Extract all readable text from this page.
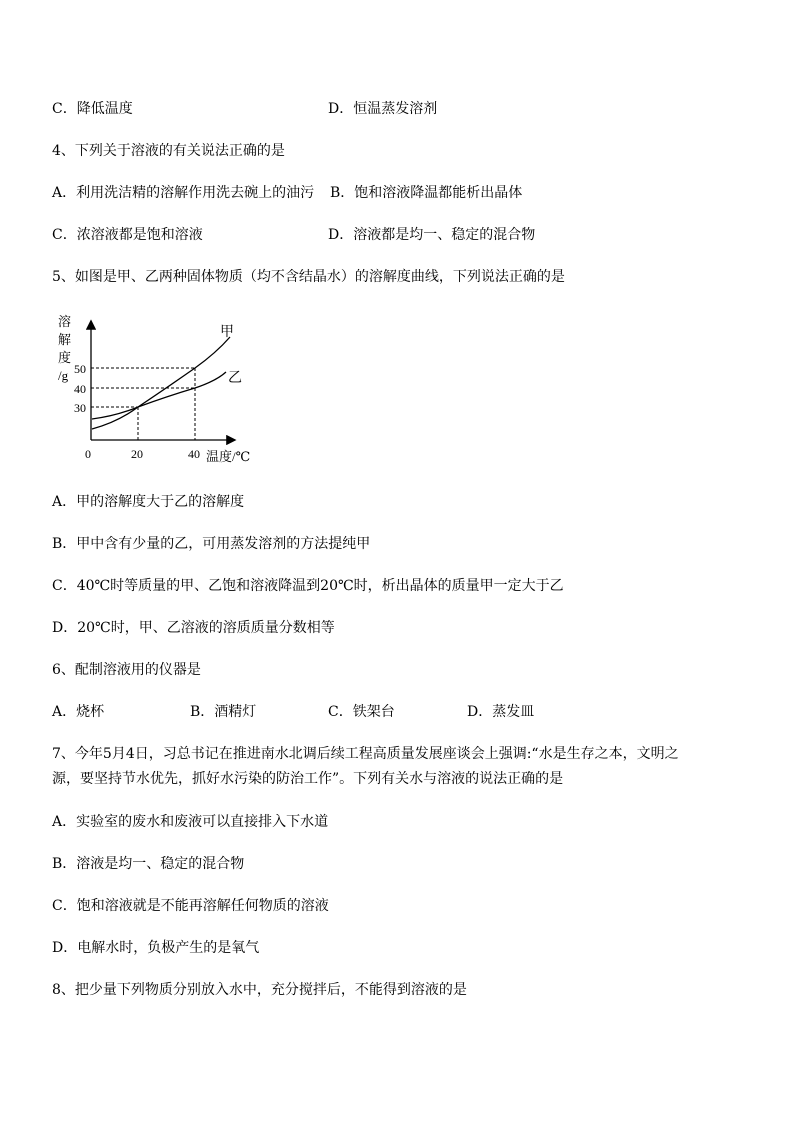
C．降低温度	D．恒温蒸发溶剂
4、下列关于溶液的有关说法正确的是
A．利用洗洁精的溶解作用洗去碗上的油污 B．饱和溶液降温都能析出晶体
C．浓溶液都是饱和溶液	D．溶液都是均一、稳定的混合物
5、如图是甲、乙两种固体物质（均不含结晶水）的溶解度曲线，下列说法正确的是
溶
解
度
/g 50
40
30
0	20	40 温度/℃
甲
乙
A．甲的溶解度大于乙的溶解度
B．甲中含有少量的乙，可用蒸发溶剂的方法提纯甲
C．40℃时等质量的甲、乙饱和溶液降温到20℃时，析出晶体的质量甲一定大于乙
D．20℃时，甲、乙溶液的溶质质量分数相等
6、配制溶液用的仪器是
A．烧杯	B．酒精灯	C．铁架台	D．蒸发皿
7、今年5月4日，习总书记在推进南水北调后续工程高质量发展座谈会上强调:“水是生存之本，文明之
源，要坚持节水优先，抓好水污染的防治工作”。下列有关水与溶液的说法正确的是
A．实验室的废水和废液可以直接排入下水道
B．溶液是均一、稳定的混合物
C．饱和溶液就是不能再溶解任何物质的溶液
D．电解水时，负极产生的是氧气
8、把少量下列物质分别放入水中，充分搅拌后，不能得到溶液的是
